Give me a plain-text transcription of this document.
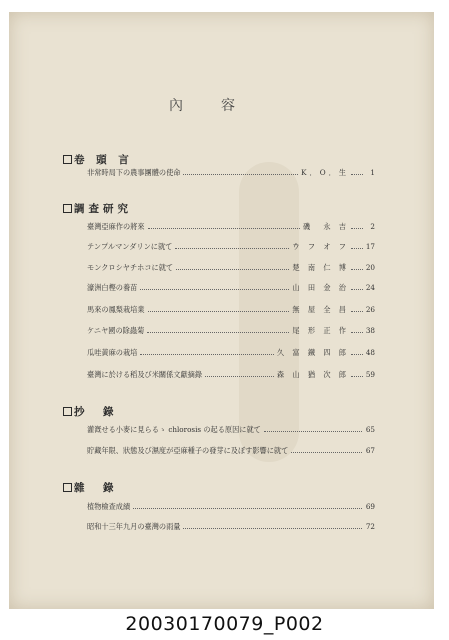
內　容
卷 頭 言
非常時局下の農事團體の使命	K．O．生	1
調查研究
臺灣亞麻作の將來	磯　永 吉	2
テンプルマンダリンに就て	ウ フ オ フ 17
モンクロシヤチホコに就て	楚 南 仁 博 20
濠洲白樫の養苗	山 田 金 治 24
馬來の鳳梨栽培業	無 屋 全 昌 26
ケニヤ國の除蟲菊	尾 形 正 作 38
瓜哇黃麻の栽培	久 富 鐵 四 郎 48
臺灣に於ける稻及び米關係文獻摘錄	森 山 猶 次 郎 59
抄　錄
灌漑せる小麥に見らるゝ chlorosis の起る原因に就て	65
貯藏年限、狀態及び濕度が亞麻種子の發芽に及ぼす影響に就て	67
雜　錄
植物檢查成績	69
昭和十三年九月の臺灣の雨量	72
20030170079_P002
